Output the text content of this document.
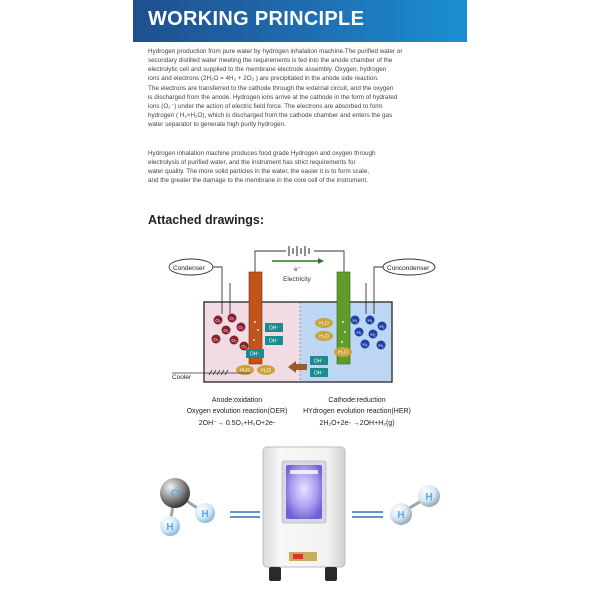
WORKING PRINCIPLE
Hydrogen production from pure water by hydrogen inhalation machine.The purified water or
secondary distilled water meeting the requirements is fed into the anode chamber of the
electrolytic cell and supplied to the membrane electrode assembly. Oxygen, hydrogen
ions and electrons (2H₂O = 4H₂ + 2O₂ ) are precipitated in the anode side reaction.
The electrons are transferred to the cathode through the external circuit, and the oxygen
is discharged from the anode. Hydrogen ions arrive at the cathode in the form of hydrated
ions (O₂⁻) under the action of electric field force. The electrons are absorbed to form
hydrogen ( H₂×H₂O), which is discharged from the cathode chamber and enters the gas
water separator to generate high purity hydrogen.
Hydrogen inhalation machine produces food grade Hydrogen and oxygen through
electrolysis of purified water, and the instrument has strict requirements for
water quality. The more solid particles in the water, the easier it is to form scale,
and the greater the damage to the membrane in the core cell of the instrument.
Attached drawings:
e⁻
Electricity
Condenser	Concondenser
O₂ O₂
O₂
O₂
O₂	O₂
O₂
H₂ H₂
H₂
H₂ H₂
H₂ H₂
H₂O
H₂O
H₂O
H₂O H₂O
OH⁻
OH⁻
OH⁻
OH⁻
OH⁻
Cooler
Anode:oxidation
Oxygen evolution reaction(OER)
2OH⁻→ 0.5O₂+H₂O+2e-
Cathode:reduction
HYdrogen evolution reaction(HER)
2H₂O+2e- →2OH+H₂(g)
O
H
H	H
H
